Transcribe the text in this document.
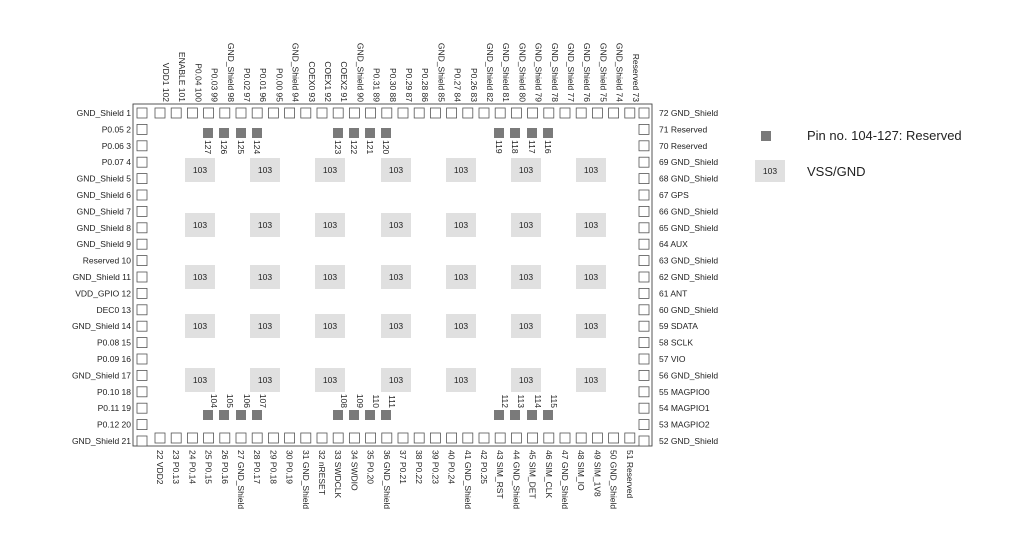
GND_Shield 1
P0.05 2
P0.06 3
P0.07 4
GND_Shield 5
GND_Shield 6
GND_Shield 7
GND_Shield 8
GND_Shield 9
Reserved 10
GND_Shield 11
VDD_GPIO 12
DEC0 13
GND_Shield 14
P0.08 15
P0.09 16
GND_Shield 17
P0.10 18
P0.11 19
P0.12 20
GND_Shield 21
72 GND_Shield
71 Reserved
70 Reserved
69 GND_Shield
68 GND_Shield
67 GPS
66 GND_Shield
65 GND_Shield
64 AUX
63 GND_Shield
62 GND_Shield
61 ANT
60 GND_Shield
59 SDATA
58 SCLK
57 VIO
56 GND_Shield
55 MAGPIO0
54 MAGPIO1
53 MAGPIO2
52 GND_Shield
VDD1 102 ENABLE 101 P0.04 100 P0.03 99 GND_Shield 98 P0.02 97 P0.01 96 P0.00 95 GND_Shield 94 COEX0 93 COEX1 92 COEX2 91 GND_Shield 90 P0.31 89 P0.30 88 P0.29 87 P0.28 86 GND_Shield 85 P0.27 84 P0.26 83 GND_Shield 82 GND_Shield 81 GND_Shield 80 GND_Shield 79 GND_Shield 78 GND_Shield 77 GND_Shield 76 GND_Shield 75 GND_Shield 74 Reserved 73
22 VDD2 23 P0.13 24 P0.14 25 P0.15 26 P0.16 27 GND_Shield 28 P0.17 29 P0.18 30 P0.19 31 GND_Shield 32 nRESET 33 SWDCLK 34 SWDIO 35 P0.20 36 GND_Shield 37 P0.21 38 P0.22 39 P0.23 40 P0.24 41 GND_Shield 42 P0.25 43 SIM_RST 44 GND_Shield 45 SIM_DET 46 SIM_CLK 47 GND_Shield 48 SIM_IO 49 SIM_1V8 50 GND_Shield 51 Reserved
103	103	103	103	103	103	103
103	103	103	103	103	103	103
103	103	103	103	103	103	103
103	103	103	103	103	103	103
103	103	103	103	103	103	103
127 126 125 124	123 122 121 120	119 118 117 116
104 105 106 107	108 109 110 111	112 113 114 115
Pin no. 104-127: Reserved
103	VSS/GND
